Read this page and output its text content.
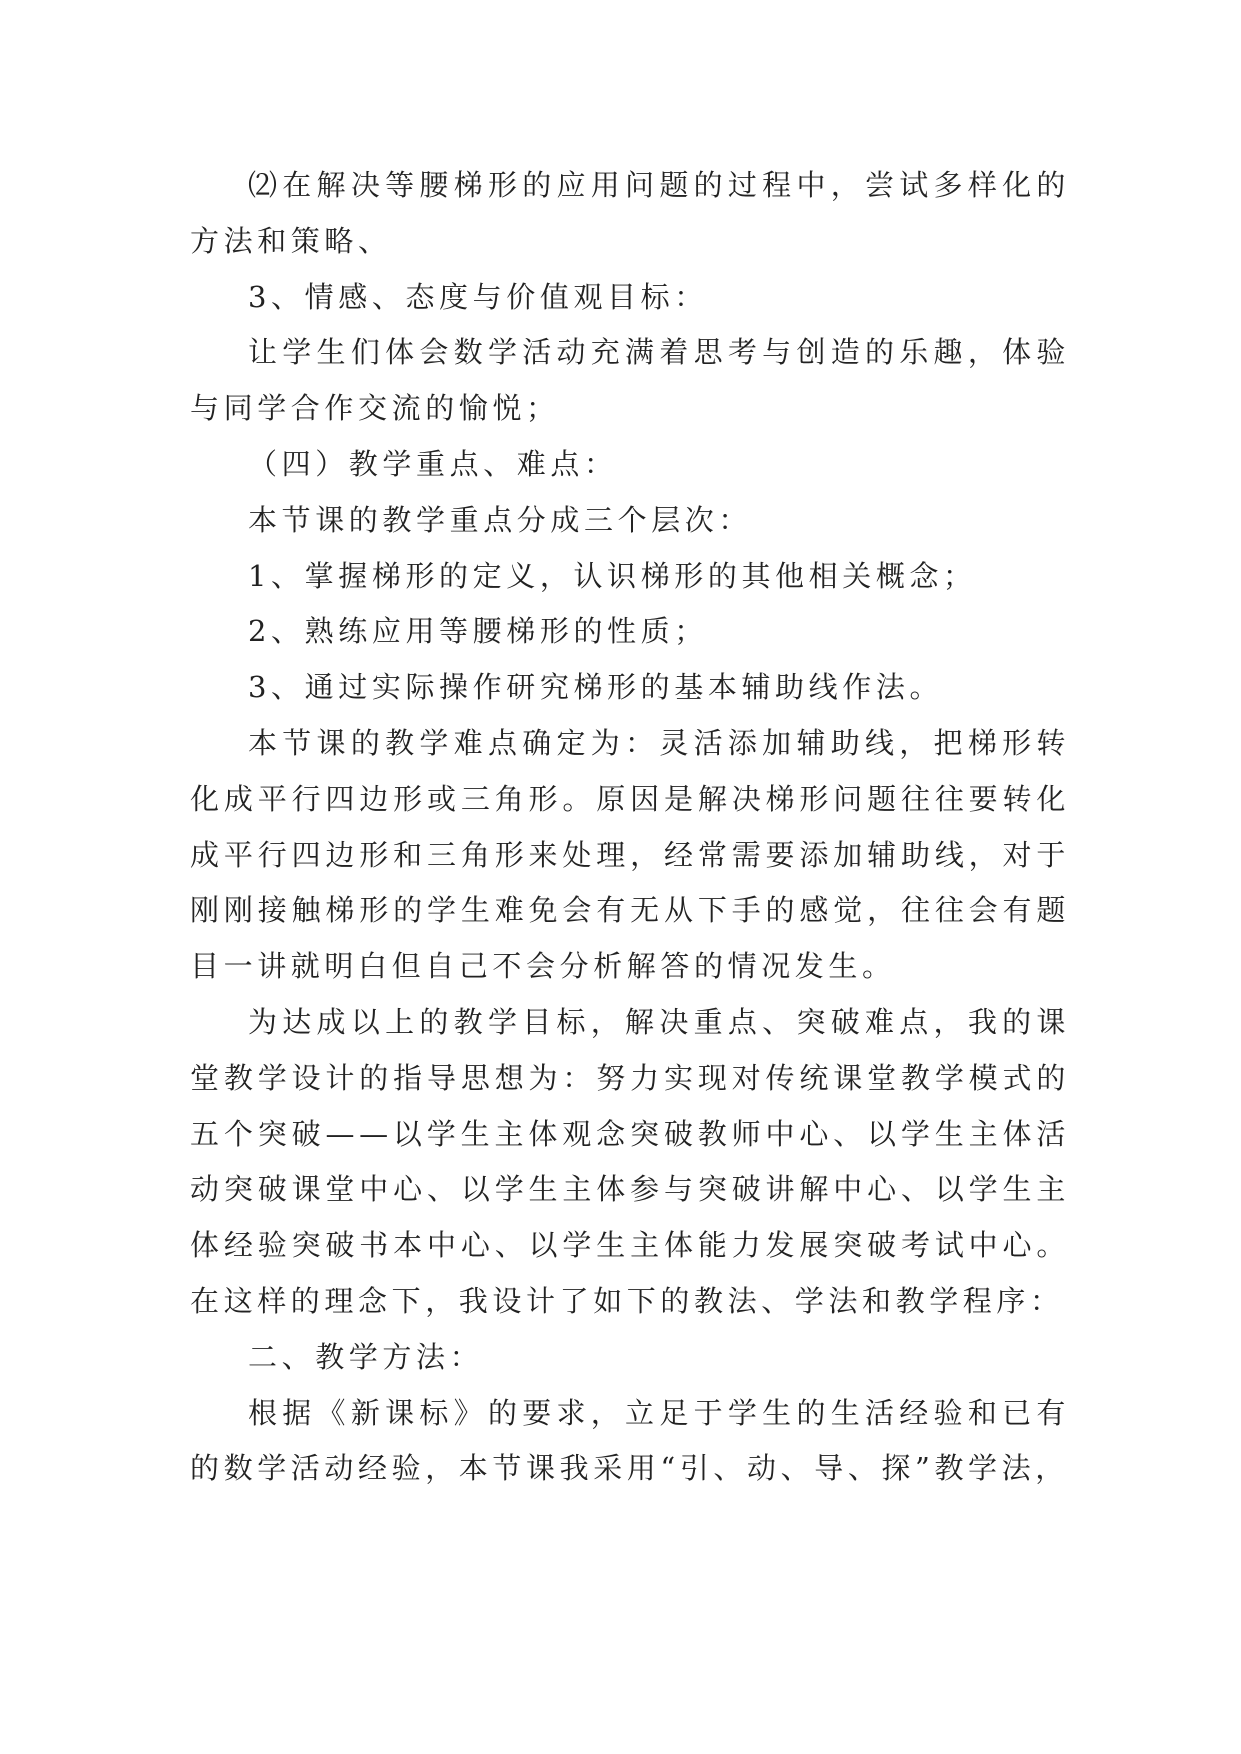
⑵在解决等腰梯形的应用问题的过程中，尝试多样化的方法和策略、

3、情感、态度与价值观目标：

让学生们体会数学活动充满着思考与创造的乐趣，体验与同学合作交流的愉悦；

（四）教学重点、难点：

本节课的教学重点分成三个层次：

1、掌握梯形的定义，认识梯形的其他相关概念；

2、熟练应用等腰梯形的性质；

3、通过实际操作研究梯形的基本辅助线作法。

本节课的教学难点确定为：灵活添加辅助线，把梯形转化成平行四边形或三角形。原因是解决梯形问题往往要转化成平行四边形和三角形来处理，经常需要添加辅助线，对于刚刚接触梯形的学生难免会有无从下手的感觉，往往会有题目一讲就明白但自己不会分析解答的情况发生。

为达成以上的教学目标，解决重点、突破难点，我的课堂教学设计的指导思想为：努力实现对传统课堂教学模式的五个突破——以学生主体观念突破教师中心、以学生主体活动突破课堂中心、以学生主体参与突破讲解中心、以学生主体经验突破书本中心、以学生主体能力发展突破考试中心。在这样的理念下，我设计了如下的教法、学法和教学程序：

二、教学方法：

根据《新课标》的要求，立足于学生的生活经验和已有的数学活动经验，本节课我采用“引、动、导、探”教学法，
